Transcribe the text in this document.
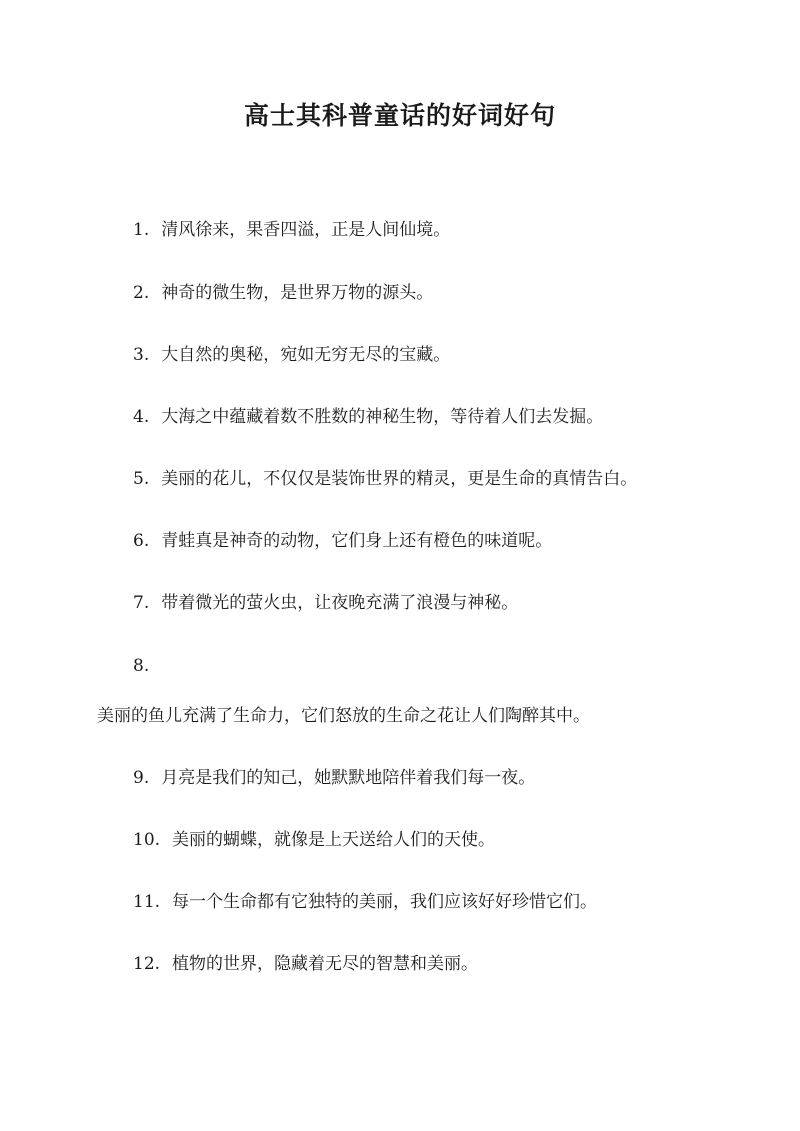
高士其科普童话的好词好句
1. 清风徐来，果香四溢，正是人间仙境。
2. 神奇的微生物，是世界万物的源头。
3. 大自然的奥秘，宛如无穷无尽的宝藏。
4. 大海之中蕴藏着数不胜数的神秘生物，等待着人们去发掘。
5. 美丽的花儿，不仅仅是装饰世界的精灵，更是生命的真情告白。
6. 青蛙真是神奇的动物，它们身上还有橙色的味道呢。
7. 带着微光的萤火虫，让夜晚充满了浪漫与神秘。
8.
美丽的鱼儿充满了生命力，它们怒放的生命之花让人们陶醉其中。
9. 月亮是我们的知己，她默默地陪伴着我们每一夜。
10. 美丽的蝴蝶，就像是上天送给人们的天使。
11. 每一个生命都有它独特的美丽，我们应该好好珍惜它们。
12. 植物的世界，隐藏着无尽的智慧和美丽。
